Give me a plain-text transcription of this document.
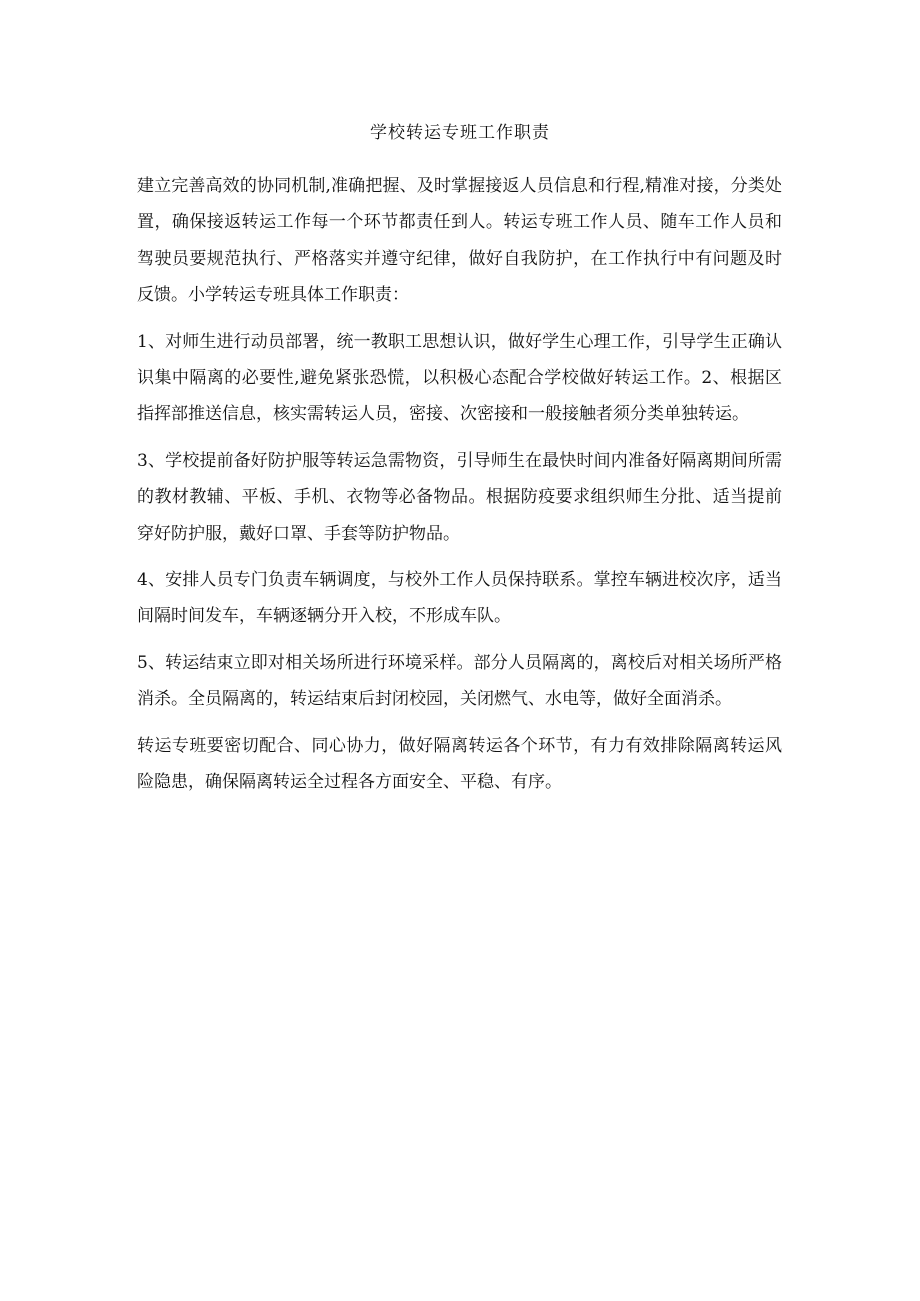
学校转运专班工作职责

建立完善高效的协同机制,准确把握、及时掌握接返人员信息和行程,精准对接，分类处置，确保接返转运工作每一个环节都责任到人。转运专班工作人员、随车工作人员和驾驶员要规范执行、严格落实并遵守纪律，做好自我防护，在工作执行中有问题及时反馈。小学转运专班具体工作职责：

1、对师生进行动员部署，统一教职工思想认识，做好学生心理工作，引导学生正确认识集中隔离的必要性,避免紧张恐慌，以积极心态配合学校做好转运工作。2、根据区指挥部推送信息，核实需转运人员，密接、次密接和一般接触者须分类单独转运。

3、学校提前备好防护服等转运急需物资，引导师生在最快时间内准备好隔离期间所需的教材教辅、平板、手机、衣物等必备物品。根据防疫要求组织师生分批、适当提前穿好防护服，戴好口罩、手套等防护物品。

4、安排人员专门负责车辆调度，与校外工作人员保持联系。掌控车辆进校次序，适当间隔时间发车，车辆逐辆分开入校，不形成车队。

5、转运结束立即对相关场所进行环境采样。部分人员隔离的，离校后对相关场所严格消杀。全员隔离的，转运结束后封闭校园，关闭燃气、水电等，做好全面消杀。

转运专班要密切配合、同心协力，做好隔离转运各个环节，有力有效排除隔离转运风险隐患，确保隔离转运全过程各方面安全、平稳、有序。
